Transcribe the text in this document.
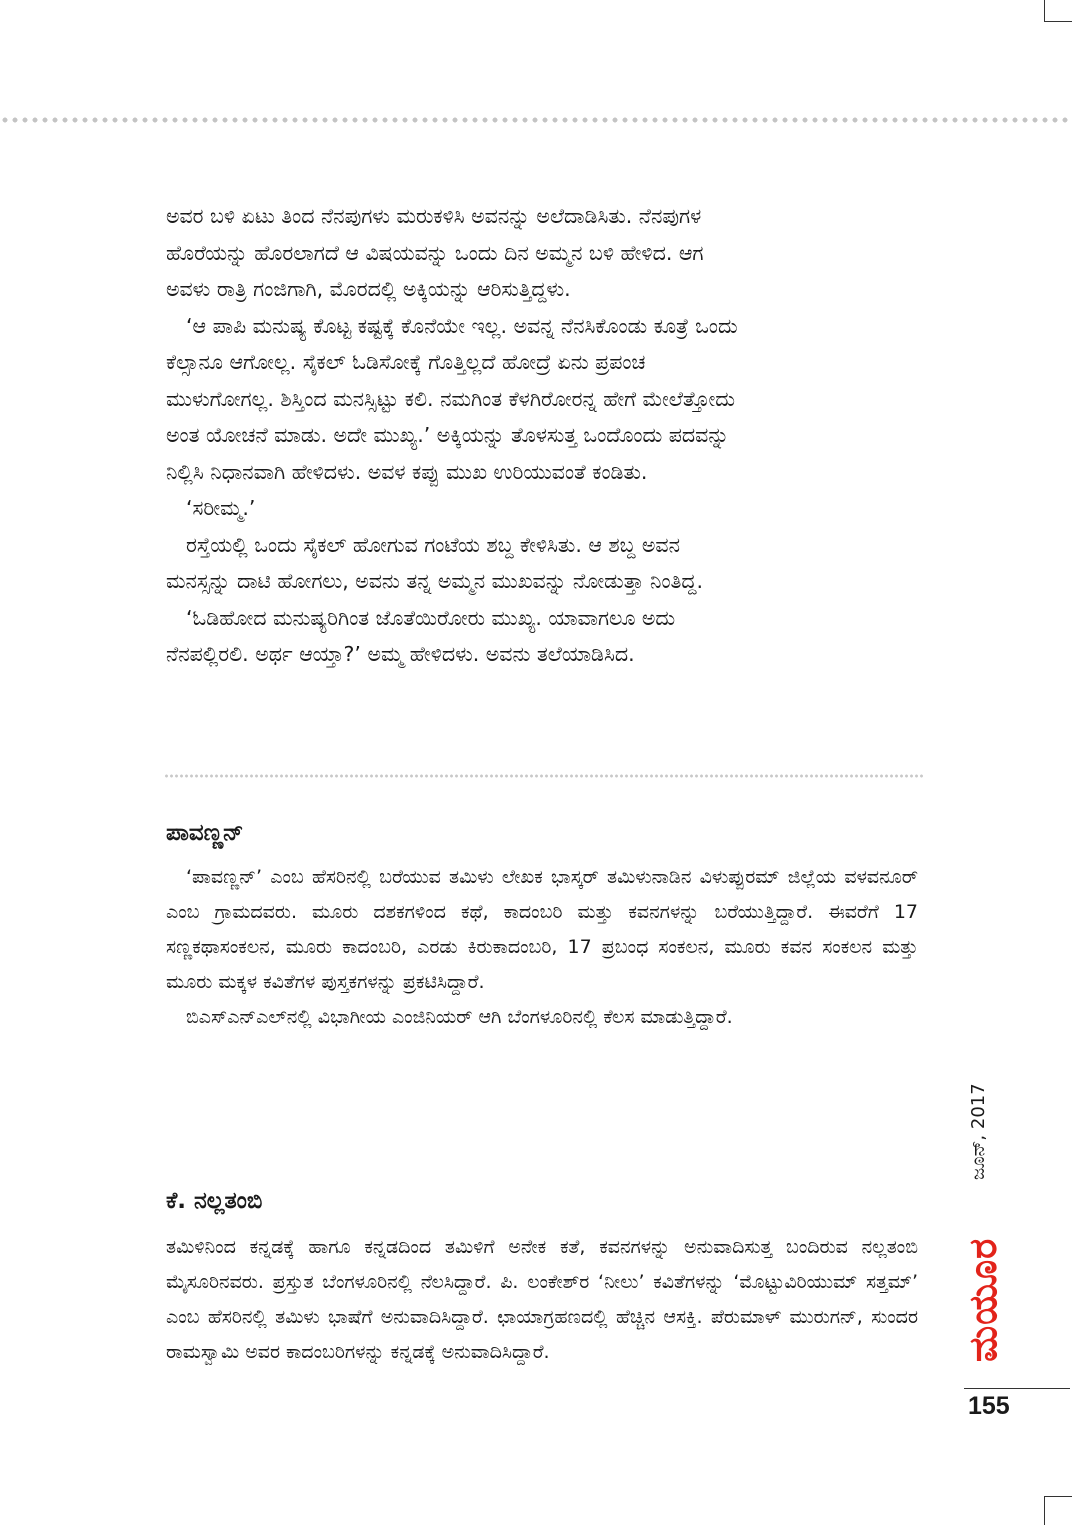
ಅವರ ಬಳಿ ಏಟು ತಿಂದ ನೆನಪುಗಳು ಮರುಕಳಿಸಿ ಅವನನ್ನು ಅಲೆದಾಡಿಸಿತು. ನೆನಪುಗಳ

ಹೊರೆಯನ್ನು ಹೊರಲಾಗದೆ ಆ ವಿಷಯವನ್ನು ಒಂದು ದಿನ ಅಮ್ಮನ ಬಳಿ ಹೇಳಿದ. ಆಗ

ಅವಳು ರಾತ್ರಿ ಗಂಜಿಗಾಗಿ, ಮೊರದಲ್ಲಿ ಅಕ್ಕಿಯನ್ನು ಆರಿಸುತ್ತಿದ್ದಳು.

‘ಆ ಪಾಪಿ ಮನುಷ್ಯ ಕೊಟ್ಟ ಕಷ್ಟಕ್ಕೆ ಕೊನೆಯೇ ಇಲ್ಲ. ಅವನ್ನ ನೆನಸಿಕೊಂಡು ಕೂತ್ರೆ ಒಂದು

ಕೆಲ್ಸಾನೂ ಆಗೋಲ್ಲ. ಸೈಕಲ್ ಓಡಿಸೋಕ್ಕೆ ಗೊತ್ತಿಲ್ಲದೆ ಹೋದ್ರೆ ಏನು ಪ್ರಪಂಚ

ಮುಳುಗೋಗಲ್ಲ. ಶಿಸ್ತಿಂದ ಮನಸ್ಸಿಟ್ಟು ಕಲಿ. ನಮಗಿಂತ ಕೆಳಗಿರೋರನ್ನ ಹೇಗೆ ಮೇಲೆತ್ತೋದು

ಅಂತ ಯೋಚನೆ ಮಾಡು. ಅದೇ ಮುಖ್ಯ.’ ಅಕ್ಕಿಯನ್ನು ತೊಳಸುತ್ತ ಒಂದೊಂದು ಪದವನ್ನು

ನಿಲ್ಲಿಸಿ ನಿಧಾನವಾಗಿ ಹೇಳಿದಳು. ಅವಳ ಕಪ್ಪು ಮುಖ ಉರಿಯುವಂತೆ ಕಂಡಿತು.

‘ಸರೀಮ್ಮ.’

ರಸ್ತೆಯಲ್ಲಿ ಒಂದು ಸೈಕಲ್ ಹೋಗುವ ಗಂಟೆಯ ಶಬ್ದ ಕೇಳಿಸಿತು. ಆ ಶಬ್ದ ಅವನ

ಮನಸ್ಸನ್ನು ದಾಟಿ ಹೋಗಲು, ಅವನು ತನ್ನ ಅಮ್ಮನ ಮುಖವನ್ನು ನೋಡುತ್ತಾ ನಿಂತಿದ್ದ.

‘ಓಡಿಹೋದ ಮನುಷ್ಯರಿಗಿಂತ ಜೊತೆಯಿರೋರು ಮುಖ್ಯ. ಯಾವಾಗಲೂ ಅದು

ನೆನಪಲ್ಲಿರಲಿ. ಅರ್ಥ ಆಯ್ತಾ?’ ಅಮ್ಮ ಹೇಳಿದಳು. ಅವನು ತಲೆಯಾಡಿಸಿದ.

ಪಾವಣ್ಣನ್

‘ಪಾವಣ್ಣನ್’ ಎಂಬ ಹೆಸರಿನಲ್ಲಿ ಬರೆಯುವ ತಮಿಳು ಲೇಖಕ ಭಾಸ್ಕರ್ ತಮಿಳುನಾಡಿನ ವಿಳುಪ್ಪುರಮ್ ಜಿಲ್ಲೆಯ ವಳವನೂರ್ ಎಂಬ ಗ್ರಾಮದವರು. ಮೂರು ದಶಕಗಳಿಂದ ಕಥೆ, ಕಾದಂಬರಿ ಮತ್ತು ಕವನಗಳನ್ನು ಬರೆಯುತ್ತಿದ್ದಾರೆ. ಈವರೆಗೆ 17 ಸಣ್ಣಕಥಾಸಂಕಲನ, ಮೂರು ಕಾದಂಬರಿ, ಎರಡು ಕಿರುಕಾದಂಬರಿ, 17 ಪ್ರಬಂಧ ಸಂಕಲನ, ಮೂರು ಕವನ ಸಂಕಲನ ಮತ್ತು ಮೂರು ಮಕ್ಕಳ ಕವಿತೆಗಳ ಪುಸ್ತಕಗಳನ್ನು ಪ್ರಕಟಿಸಿದ್ದಾರೆ.

ಬಿಎಸ್‌ಎನ್‌ಎಲ್‌ನಲ್ಲಿ ವಿಭಾಗೀಯ ಎಂಜಿನಿಯರ್ ಆಗಿ ಬೆಂಗಳೂರಿನಲ್ಲಿ ಕೆಲಸ ಮಾಡುತ್ತಿದ್ದಾರೆ.

ಕೆ. ನಲ್ಲತಂಬಿ

ತಮಿಳಿನಿಂದ ಕನ್ನಡಕ್ಕೆ ಹಾಗೂ ಕನ್ನಡದಿಂದ ತಮಿಳಿಗೆ ಅನೇಕ ಕತೆ, ಕವನಗಳನ್ನು ಅನುವಾದಿಸುತ್ತ ಬಂದಿರುವ ನಲ್ಲತಂಬಿ ಮೈಸೂರಿನವರು. ಪ್ರಸ್ತುತ ಬೆಂಗಳೂರಿನಲ್ಲಿ ನೆಲಸಿದ್ದಾರೆ. ಪಿ. ಲಂಕೇಶ್‌ರ ‘ನೀಲು’ ಕವಿತೆಗಳನ್ನು ‘ಮೊಟ್ಟುವಿರಿಯುಮ್ ಸತ್ತಮ್’ ಎಂಬ ಹೆಸರಿನಲ್ಲಿ ತಮಿಳು ಭಾಷೆಗೆ ಅನುವಾದಿಸಿದ್ದಾರೆ. ಛಾಯಾಗ್ರಹಣದಲ್ಲಿ ಹೆಚ್ಚಿನ ಆಸಕ್ತಿ. ಪೆರುಮಾಳ್ ಮುರುಗನ್, ಸುಂದರ ರಾಮಸ್ವಾಮಿ ಅವರ ಕಾದಂಬರಿಗಳನ್ನು ಕನ್ನಡಕ್ಕೆ ಅನುವಾದಿಸಿದ್ದಾರೆ.

ಜೂನ್, 2017
ಮಯೂರ
155
